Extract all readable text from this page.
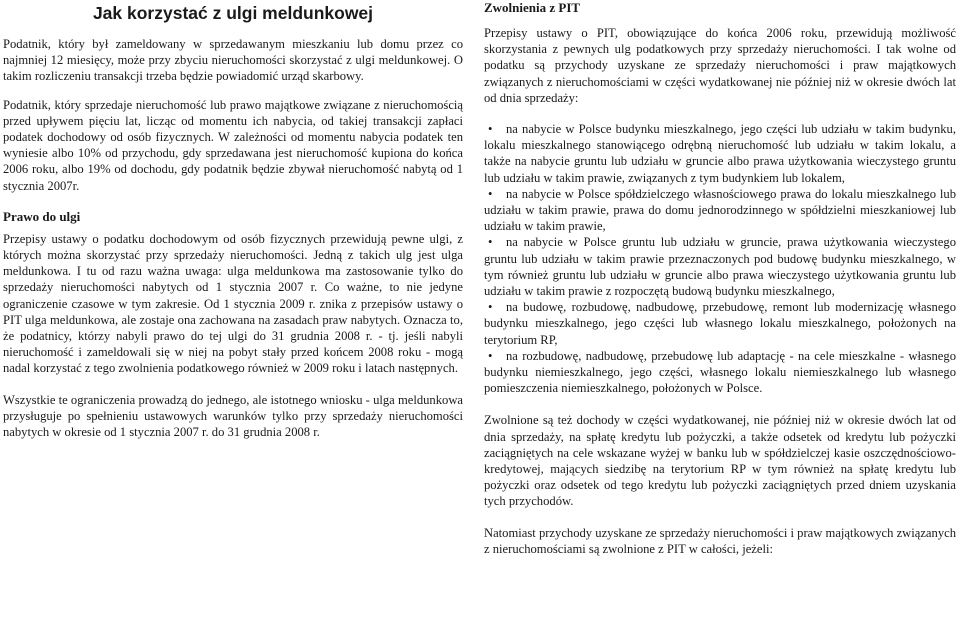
Jak korzystać z ulgi meldunkowej

Podatnik, który był zameldowany w sprzedawanym mieszkaniu lub domu przez co najmniej 12 miesięcy, może przy zbyciu nieruchomości skorzystać z ulgi meldunkowej. O takim rozliczeniu transakcji trzeba będzie powiadomić urząd skarbowy.

Podatnik, który sprzedaje nieruchomość lub prawo majątkowe związane z nieruchomością przed upływem pięciu lat, licząc od momentu ich nabycia, od takiej transakcji zapłaci podatek dochodowy od osób fizycznych. W zależności od momentu nabycia podatek ten wyniesie albo 10% od przychodu, gdy sprzedawana jest nieruchomość kupiona do końca 2006 roku, albo 19% od dochodu, gdy podatnik będzie zbywał nieruchomość nabytą od 1 stycznia 2007r.

Prawo do ulgi

Przepisy ustawy o podatku dochodowym od osób fizycznych przewidują pewne ulgi, z których można skorzystać przy sprzedaży nieruchomości. Jedną z takich ulg jest ulga meldunkowa. I tu od razu ważna uwaga: ulga meldunkowa ma zastosowanie tylko do sprzedaży nieruchomości nabytych od 1 stycznia 2007 r. Co ważne, to nie jedyne ograniczenie czasowe w tym zakresie. Od 1 stycznia 2009 r. znika z przepisów ustawy o PIT ulga meldunkowa, ale zostaje ona zachowana na zasadach praw nabytych. Oznacza to, że podatnicy, którzy nabyli prawo do tej ulgi do 31 grudnia 2008 r. - tj. jeśli nabyli nieruchomość i zameldowali się w niej na pobyt stały przed końcem 2008 roku - mogą nadal korzystać z tego zwolnienia podatkowego również w 2009 roku i latach następnych.

Wszystkie te ograniczenia prowadzą do jednego, ale istotnego wniosku - ulga meldunkowa przysługuje po spełnieniu ustawowych warunków tylko przy sprzedaży nieruchomości nabytych w okresie od 1 stycznia 2007 r. do 31 grudnia 2008 r.

Zwolnienia z PIT

Przepisy ustawy o PIT, obowiązujące do końca 2006 roku, przewidują możliwość skorzystania z pewnych ulg podatkowych przy sprzedaży nieruchomości. I tak wolne od podatku są przychody uzyskane ze sprzedaży nieruchomości i praw majątkowych związanych z nieruchomościami w części wydatkowanej nie później niż w okresie dwóch lat od dnia sprzedaży:

• na nabycie w Polsce budynku mieszkalnego, jego części lub udziału w takim budynku, lokalu mieszkalnego stanowiącego odrębną nieruchomość lub udziału w takim lokalu, a także na nabycie gruntu lub udziału w gruncie albo prawa użytkowania wieczystego gruntu lub udziału w takim prawie, związanych z tym budynkiem lub lokalem,
• na nabycie w Polsce spółdzielczego własnościowego prawa do lokalu mieszkalnego lub udziału w takim prawie, prawa do domu jednorodzinnego w spółdzielni mieszkaniowej lub udziału w takim prawie,
• na nabycie w Polsce gruntu lub udziału w gruncie, prawa użytkowania wieczystego gruntu lub udziału w takim prawie przeznaczonych pod budowę budynku mieszkalnego, w tym również gruntu lub udziału w gruncie albo prawa wieczystego użytkowania gruntu lub udziału w takim prawie z rozpoczętą budową budynku mieszkalnego,
• na budowę, rozbudowę, nadbudowę, przebudowę, remont lub modernizację własnego budynku mieszkalnego, jego części lub własnego lokalu mieszkalnego, położonych na terytorium RP,
• na rozbudowę, nadbudowę, przebudowę lub adaptację - na cele mieszkalne - własnego budynku niemieszkalnego, jego części, własnego lokalu niemieszkalnego lub własnego pomieszczenia niemieszkalnego, położonych w Polsce.

Zwolnione są też dochody w części wydatkowanej, nie później niż w okresie dwóch lat od dnia sprzedaży, na spłatę kredytu lub pożyczki, a także odsetek od kredytu lub pożyczki zaciągniętych na cele wskazane wyżej w banku lub w spółdzielczej kasie oszczędnościowo-kredytowej, mających siedzibę na terytorium RP w tym również na spłatę kredytu lub pożyczki oraz odsetek od tego kredytu lub pożyczki zaciągniętych przed dniem uzyskania tych przychodów.

Natomiast przychody uzyskane ze sprzedaży nieruchomości i praw majątkowych związanych z nieruchomościami są zwolnione z PIT w całości, jeżeli:
